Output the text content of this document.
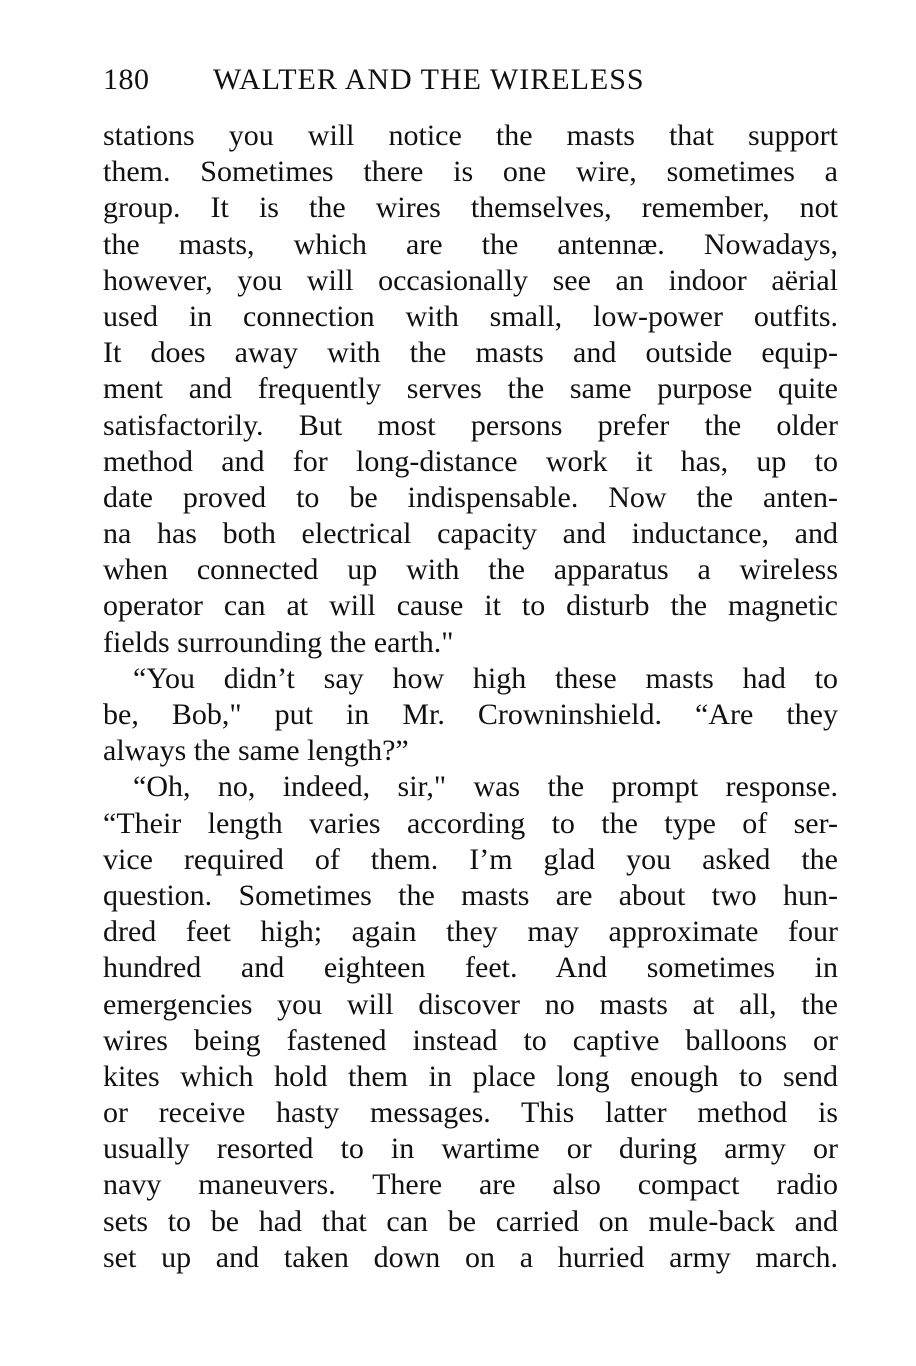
180 WALTER AND THE WIRELESS
stations you will notice the masts that support
them. Sometimes there is one wire, sometimes a
group. It is the wires themselves, remember, not
the masts, which are the antennæ. Nowadays,
however, you will occasionally see an indoor aërial
used in connection with small, low-power outfits.
It does away with the masts and outside equip-
ment and frequently serves the same purpose quite
satisfactorily. But most persons prefer the older
method and for long-distance work it has, up to
date proved to be indispensable. Now the anten-
na has both electrical capacity and inductance, and
when connected up with the apparatus a wireless
operator can at will cause it to disturb the magnetic
fields surrounding the earth."
“You didn’t say how high these masts had to
be, Bob," put in Mr. Crowninshield. “Are they
always the same length?”
“Oh, no, indeed, sir," was the prompt response.
“Their length varies according to the type of ser-
vice required of them. I’m glad you asked the
question. Sometimes the masts are about two hun-
dred feet high; again they may approximate four
hundred and eighteen feet. And sometimes in
emergencies you will discover no masts at all, the
wires being fastened instead to captive balloons or
kites which hold them in place long enough to send
or receive hasty messages. This latter method is
usually resorted to in wartime or during army or
navy maneuvers. There are also compact radio
sets to be had that can be carried on mule-back and
set up and taken down on a hurried army march.
